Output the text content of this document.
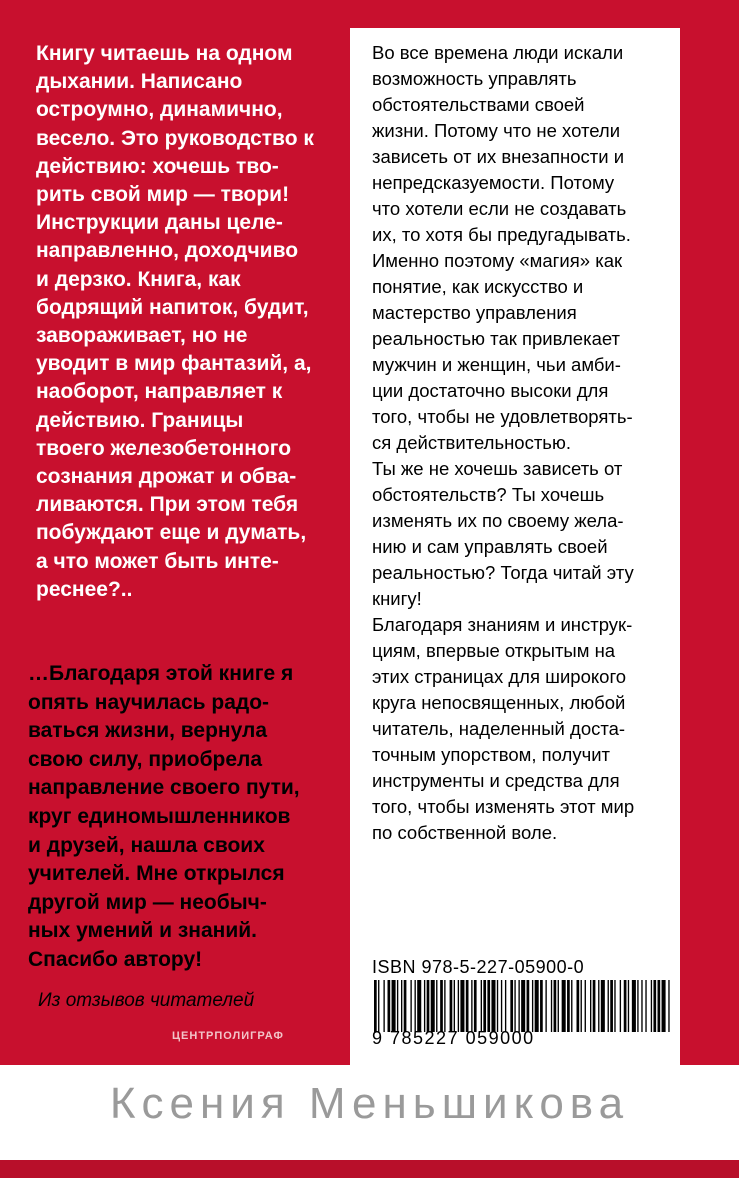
Книгу читаешь на одном
дыхании. Написано
остроумно, динамично,
весело. Это руководство к
действию: хочешь тво-
рить свой мир — твори!
Инструкции даны целе-
направленно, доходчиво
и дерзко. Книга, как
бодрящий напиток, будит,
завораживает, но не
уводит в мир фантазий, а,
наоборот, направляет к
действию. Границы
твоего железобетонного
сознания дрожат и обва-
ливаются. При этом тебя
побуждают еще и думать,
а что может быть инте-
реснее?..
…Благодаря этой книге я
опять научилась радо-
ваться жизни, вернула
свою силу, приобрела
направление своего пути,
круг единомышленников
и друзей, нашла своих
учителей. Мне открылся
другой мир — необыч-
ных умений и знаний.
Спасибо автору!
Из отзывов читателей
ЦЕНТРПОЛИГРАФ
Во все времена люди искали
возможность управлять
обстоятельствами своей
жизни. Потому что не хотели
зависеть от их внезапности и
непредсказуемости. Потому
что хотели если не создавать
их, то хотя бы предугадывать.
Именно поэтому «магия» как
понятие, как искусство и
мастерство управления
реальностью так привлекает
мужчин и женщин, чьи амби-
ции достаточно высоки для
того, чтобы не удовлетворять-
ся действительностью.
Ты же не хочешь зависеть от
обстоятельств? Ты хочешь
изменять их по своему жела-
нию и сам управлять своей
реальностью? Тогда читай эту
книгу!
Благодаря знаниям и инструк-
циям, впервые открытым на
этих страницах для широкого
круга непосвященных, любой
читатель, наделенный доста-
точным упорством, получит
инструменты и средства для
того, чтобы изменять этот мир
по собственной воле.
ISBN 978-5-227-05900-0
9 785227 059000
Ксения Меньшикова
